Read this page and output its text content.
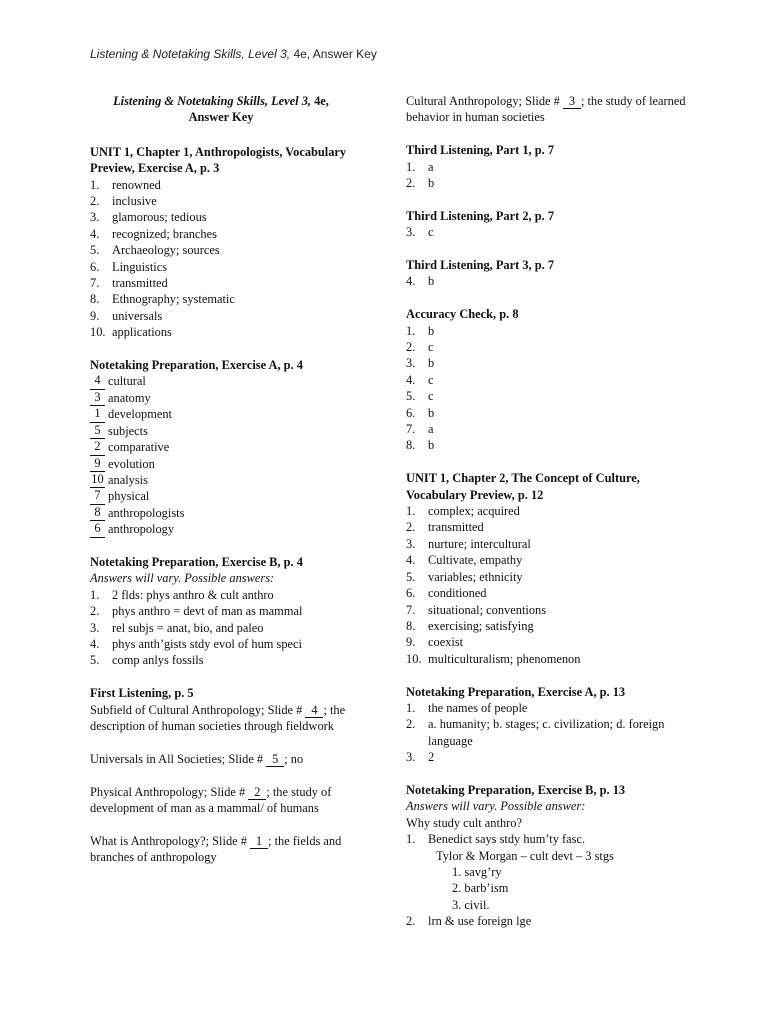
Listening & Notetaking Skills, Level 3, 4e, Answer Key
Listening & Notetaking Skills, Level 3, 4e,
Answer Key
UNIT 1, Chapter 1, Anthropologists, Vocabulary Preview, Exercise A, p. 3
1.	renowned
2.	inclusive
3.	glamorous; tedious
4.	recognized; branches
5.	Archaeology; sources
6.	Linguistics
7.	transmitted
8.	Ethnography; systematic
9.	universals
10. applications
Notetaking Preparation, Exercise A, p. 4
4 cultural
3 anatomy
1 development
5 subjects
2 comparative
9 evolution
10 analysis
7 physical
8 anthropologists
6 anthropology
Notetaking Preparation, Exercise B, p. 4
Answers will vary. Possible answers:
1.	2 flds: phys anthro & cult anthro
2.	phys anthro = devt of man as mammal
3.	rel subjs = anat, bio, and paleo
4.	phys anth’gists stdy evol of hum speci
5.	comp anlys fossils
First Listening, p. 5

Subfield of Cultural Anthropology; Slide # 4 ; the description of human societies through fieldwork

Universals in All Societies; Slide # 5 ; no

Physical Anthropology; Slide # 2 ; the study of development of man as a mammal/ of humans

What is Anthropology?; Slide # 1 ; the fields and branches of anthropology

Cultural Anthropology; Slide # 3 ; the study of learned behavior in human societies

Third Listening, Part 1, p. 7
1.	a
2.	b
Third Listening, Part 2, p. 7
3.	c
Third Listening, Part 3, p. 7
4.	b
Accuracy Check, p. 8
1.	b
2.	c
3.	b
4.	c
5.	c
6.	b
7.	a
8.	b
UNIT 1, Chapter 2, The Concept of Culture, Vocabulary Preview, p. 12
1.	complex; acquired
2.	transmitted
3.	nurture; intercultural
4.	Cultivate, empathy
5.	variables; ethnicity
6.	conditioned
7.	situational; conventions
8.	exercising; satisfying
9.	coexist
10. multiculturalism; phenomenon
Notetaking Preparation, Exercise A, p. 13
1.	the names of people
2.	a. humanity; b. stages; c. civilization; d. foreign language
3.	2
Notetaking Preparation, Exercise B, p. 13
Answers will vary. Possible answer:
Why study cult anthro?
1.	Benedict says stdy hum’ty fasc.
Tylor & Morgan – cult devt – 3 stgs
1. savg’ry
2. barb’ism
3. civil.
2.	lrn & use foreign lge
